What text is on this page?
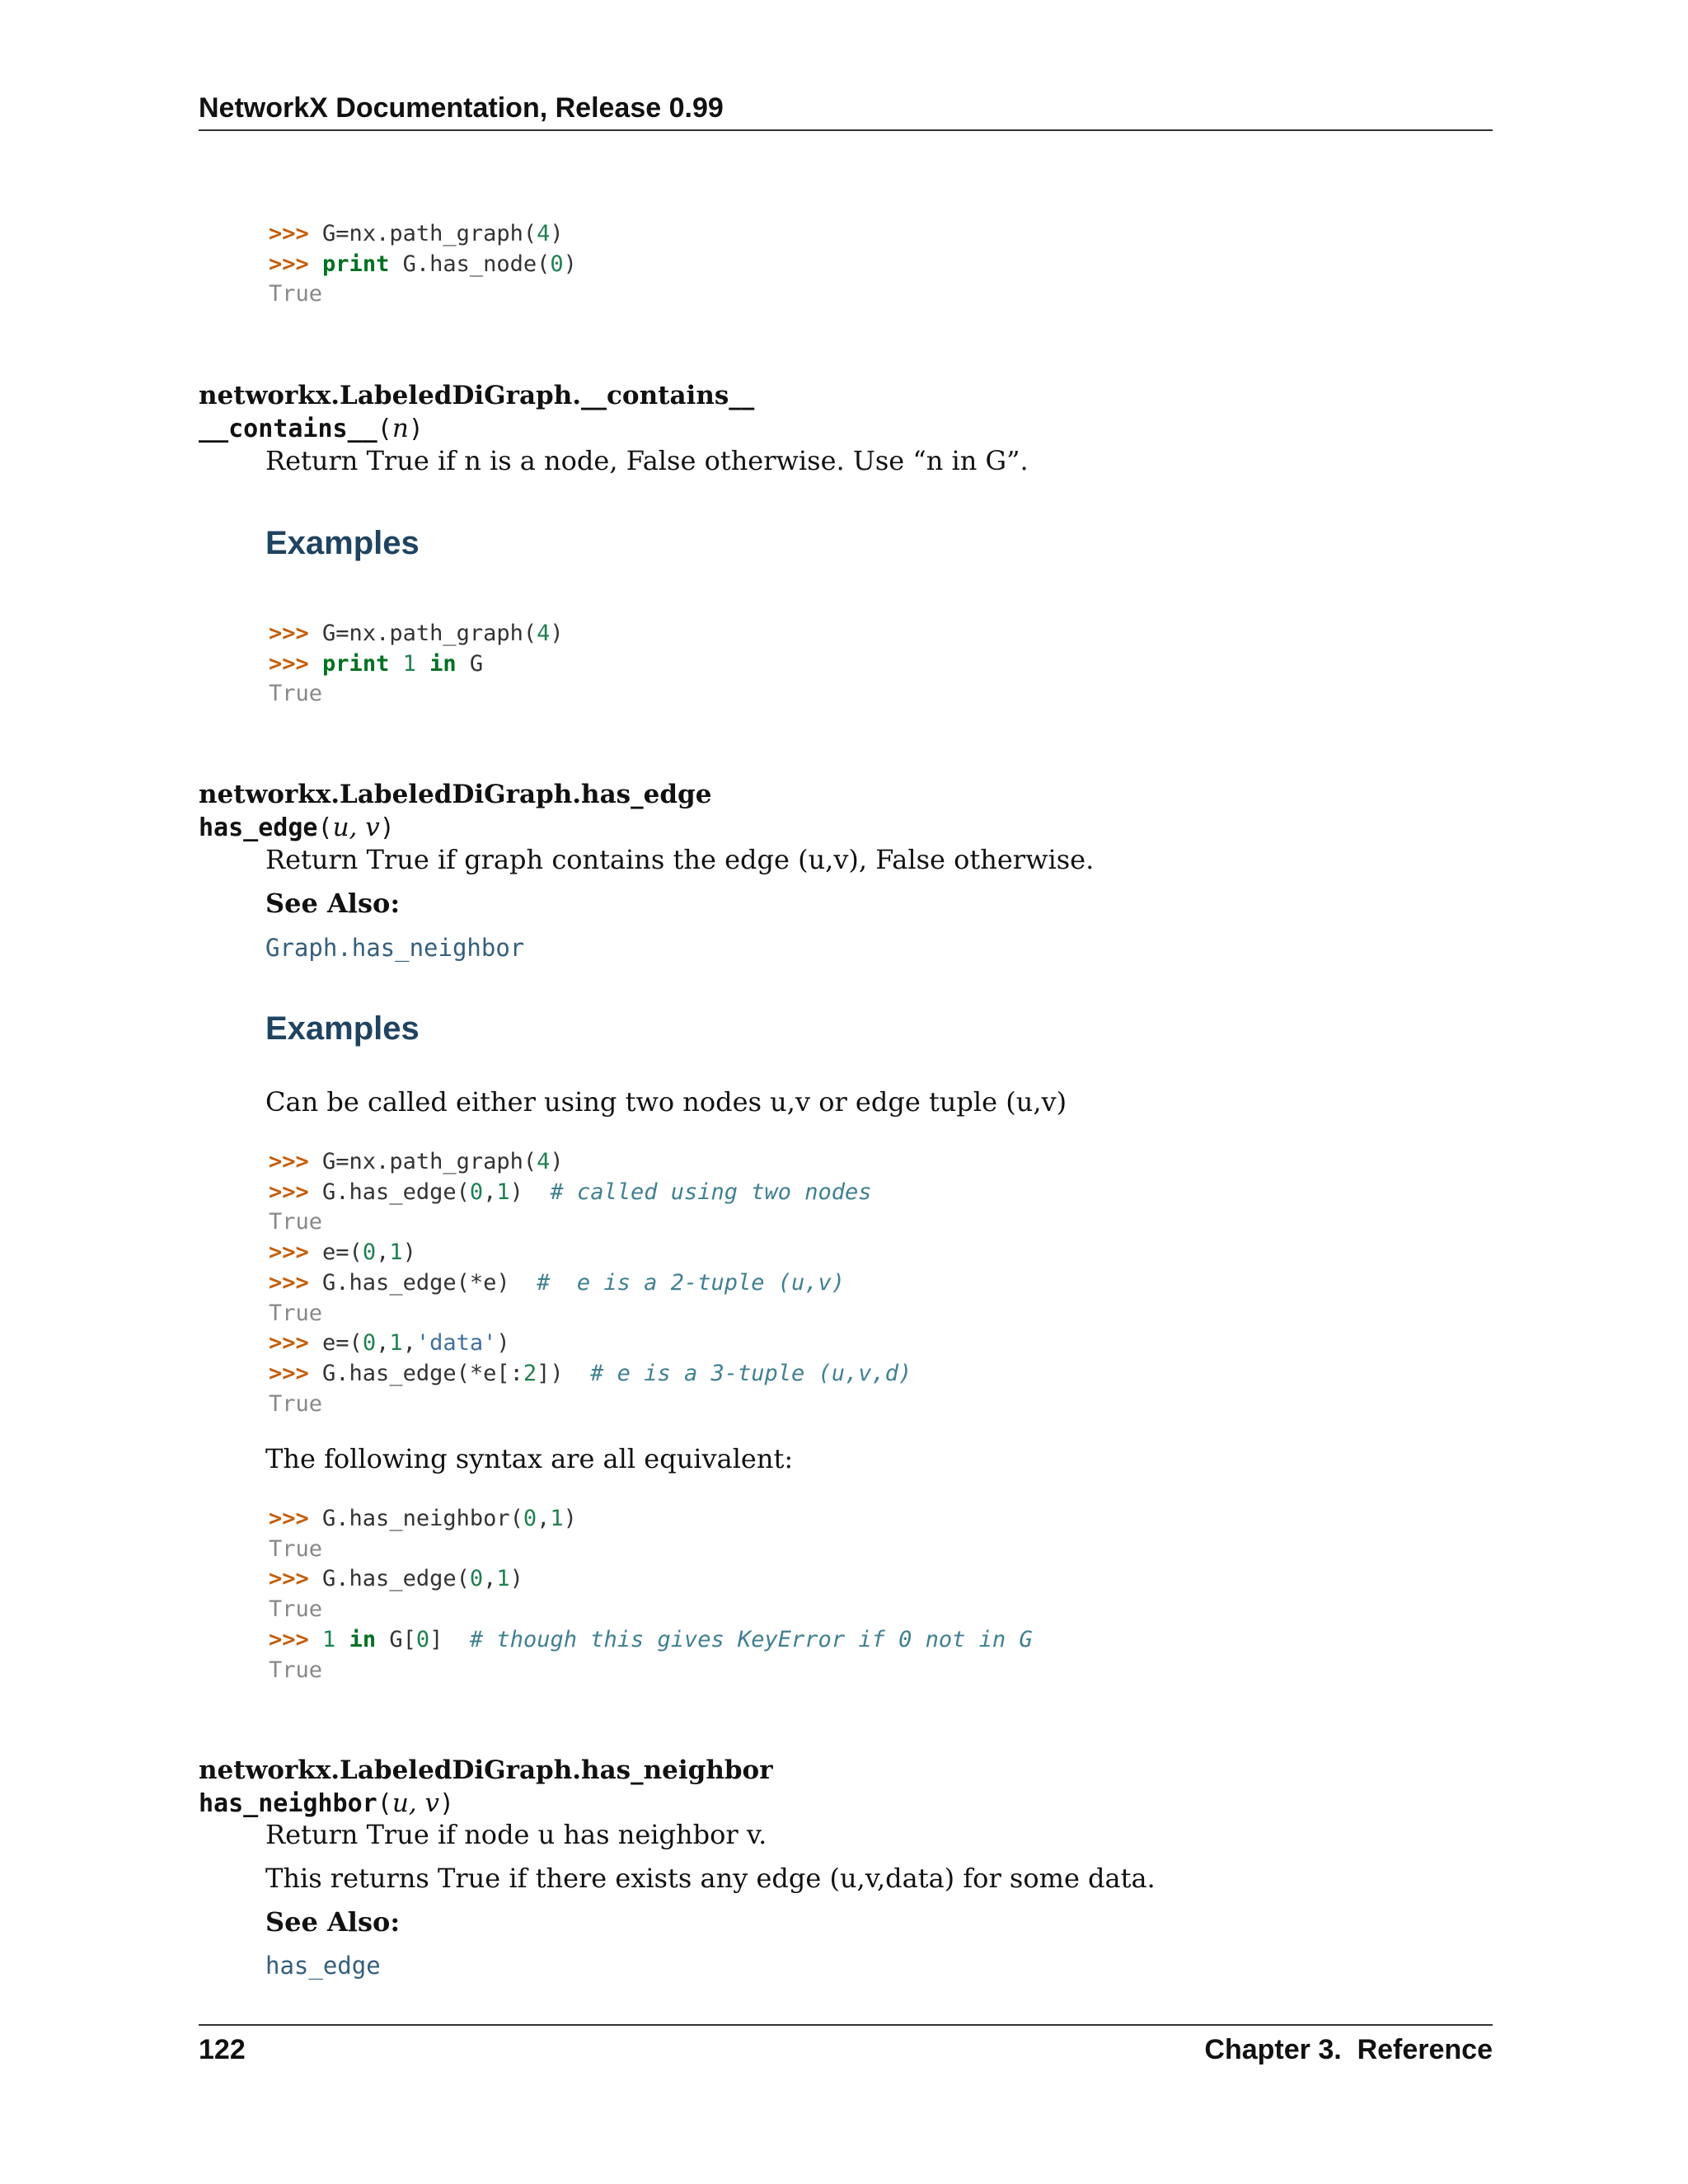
NetworkX Documentation, Release 0.99
>>> G=nx.path_graph(4)
>>> print G.has_node(0)
True
networkx.LabeledDiGraph.__contains__
__contains__(n)
Return True if n is a node, False otherwise. Use “n in G”.
Examples
>>> G=nx.path_graph(4)
>>> print 1 in G
True
networkx.LabeledDiGraph.has_edge
has_edge(u, v)
Return True if graph contains the edge (u,v), False otherwise.
See Also:
Graph.has_neighbor
Examples
Can be called either using two nodes u,v or edge tuple (u,v)
>>> G=nx.path_graph(4)
>>> G.has_edge(0,1)  # called using two nodes
True
>>> e=(0,1)
>>> G.has_edge(*e)  #  e is a 2-tuple (u,v)
True
>>> e=(0,1,'data')
>>> G.has_edge(*e[:2])  # e is a 3-tuple (u,v,d)
True
The following syntax are all equivalent:
>>> G.has_neighbor(0,1)
True
>>> G.has_edge(0,1)
True
>>> 1 in G[0]  # though this gives KeyError if 0 not in G
True
networkx.LabeledDiGraph.has_neighbor
has_neighbor(u, v)
Return True if node u has neighbor v.
This returns True if there exists any edge (u,v,data) for some data.
See Also:
has_edge
122	Chapter 3.  Reference
